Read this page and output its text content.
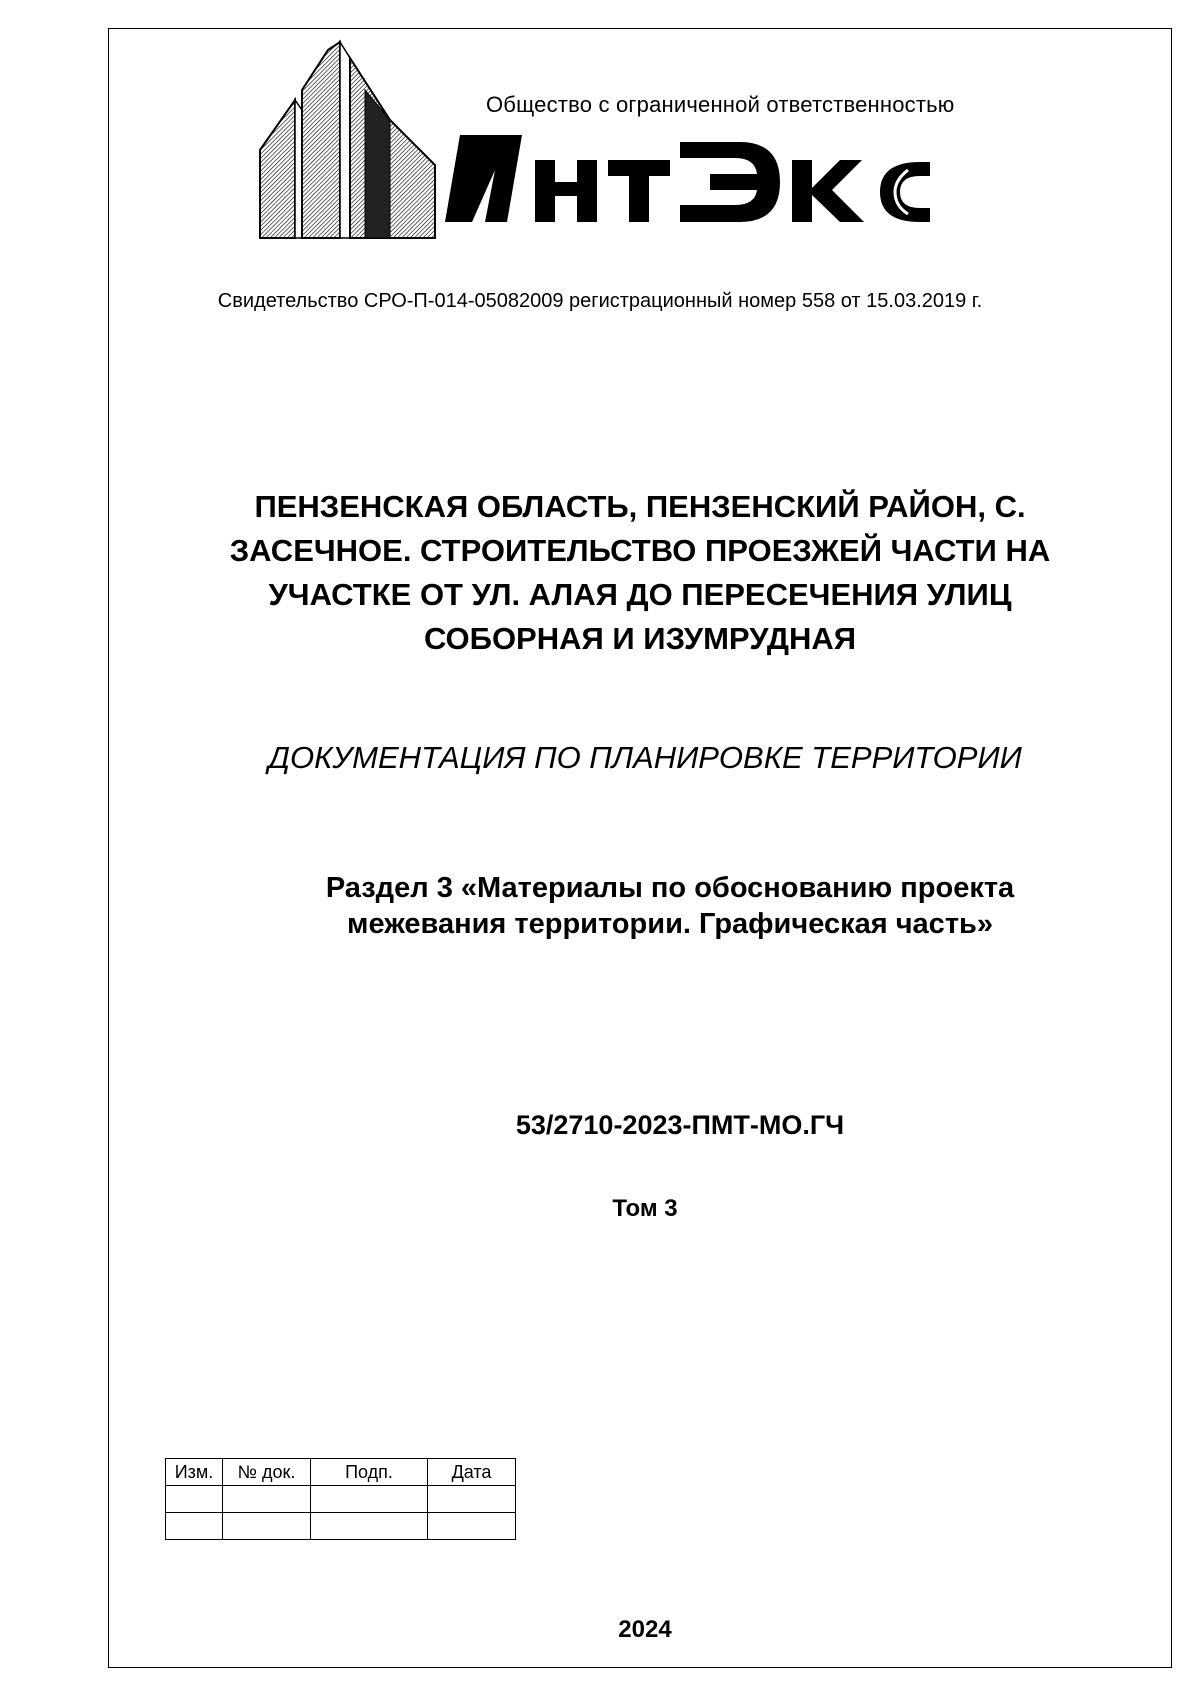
Общество с ограниченной ответственностью
Свидетельство СРО-П-014-05082009 регистрационный номер 558 от 15.03.2019 г.
ПЕНЗЕНСКАЯ ОБЛАСТЬ, ПЕНЗЕНСКИЙ РАЙОН, С.
ЗАСЕЧНОЕ. СТРОИТЕЛЬСТВО ПРОЕЗЖЕЙ ЧАСТИ НА
УЧАСТКЕ ОТ УЛ. АЛАЯ ДО ПЕРЕСЕЧЕНИЯ УЛИЦ
СОБОРНАЯ И ИЗУМРУДНАЯ
ДОКУМЕНТАЦИЯ ПО ПЛАНИРОВКЕ ТЕРРИТОРИИ
Раздел 3 «Материалы по обоснованию проекта
межевания территории. Графическая часть»
53/2710-2023-ПМТ-МО.ГЧ
Том 3
Изм.	№ док.	Подп.	Дата

2024
